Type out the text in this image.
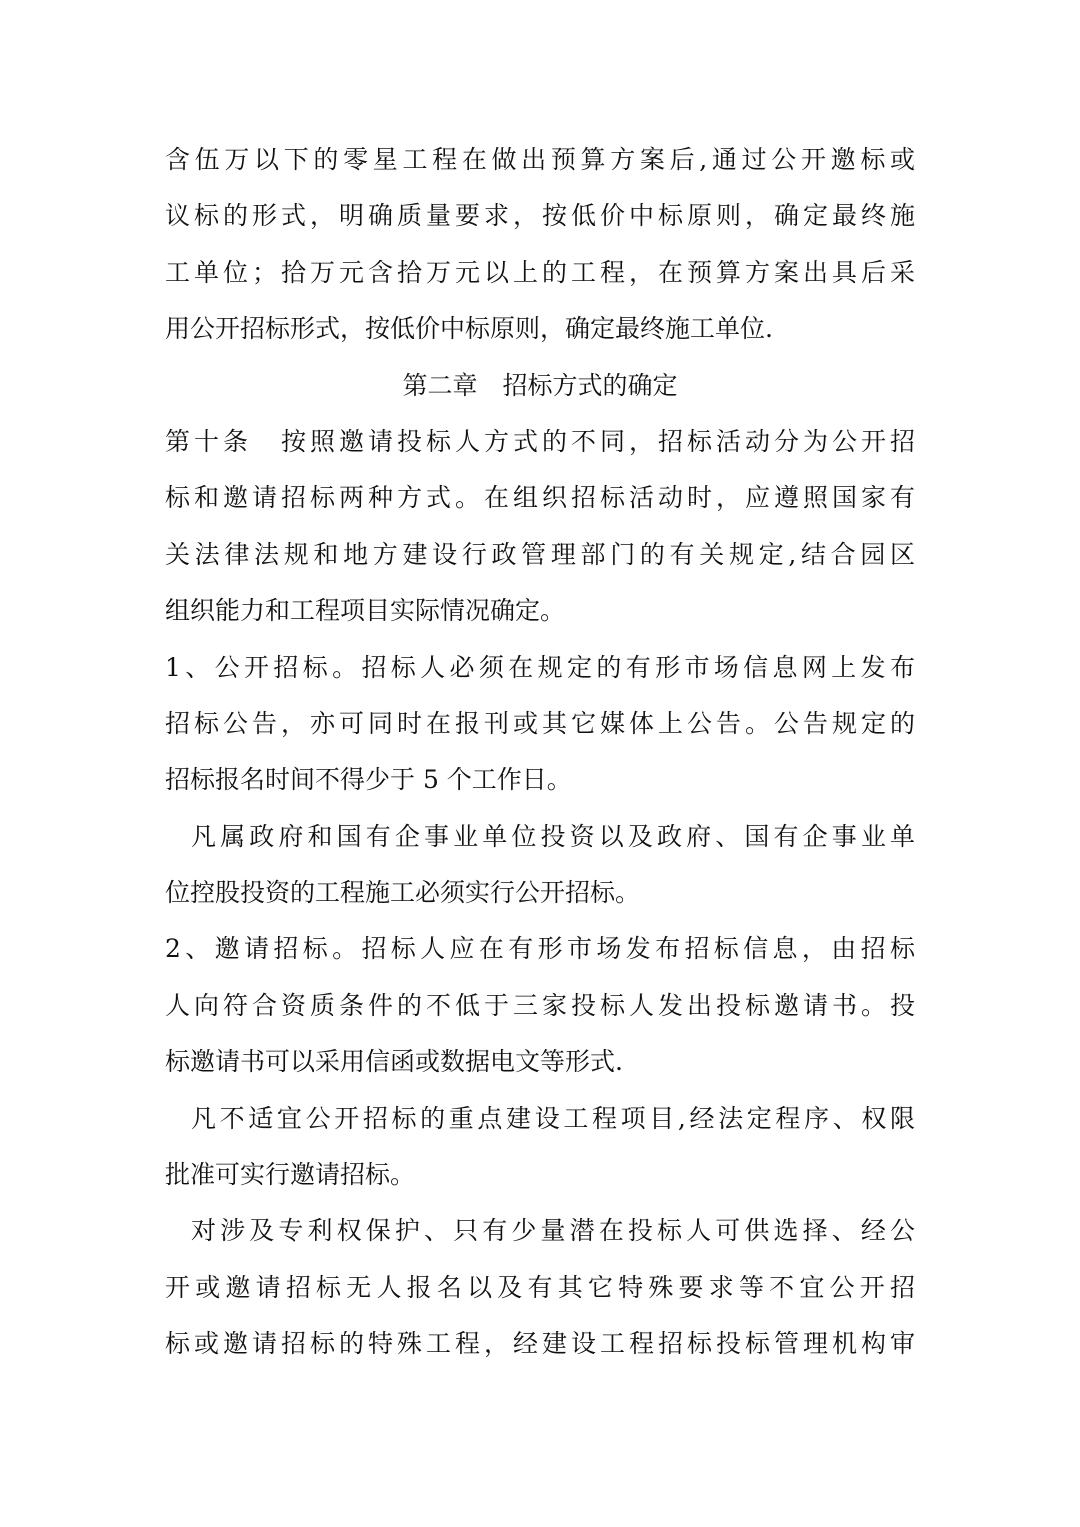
含伍万以下的零星工程在做出预算方案后,通过公开邀标或
议标的形式，明确质量要求，按低价中标原则，确定最终施
工单位；拾万元含拾万元以上的工程，在预算方案出具后采
用公开招标形式，按低价中标原则，确定最终施工单位.
第二章　招标方式的确定
第十条　按照邀请投标人方式的不同，招标活动分为公开招
标和邀请招标两种方式。在组织招标活动时，应遵照国家有
关法律法规和地方建设行政管理部门的有关规定,结合园区
组织能力和工程项目实际情况确定。
1、公开招标。招标人必须在规定的有形市场信息网上发布
招标公告，亦可同时在报刊或其它媒体上公告。公告规定的
招标报名时间不得少于 5 个工作日。
凡属政府和国有企事业单位投资以及政府、国有企事业单
位控股投资的工程施工必须实行公开招标。
2、邀请招标。招标人应在有形市场发布招标信息，由招标
人向符合资质条件的不低于三家投标人发出投标邀请书。投
标邀请书可以采用信函或数据电文等形式.
凡不适宜公开招标的重点建设工程项目,经法定程序、权限
批准可实行邀请招标。
对涉及专利权保护、只有少量潜在投标人可供选择、经公
开或邀请招标无人报名以及有其它特殊要求等不宜公开招
标或邀请招标的特殊工程，经建设工程招标投标管理机构审
